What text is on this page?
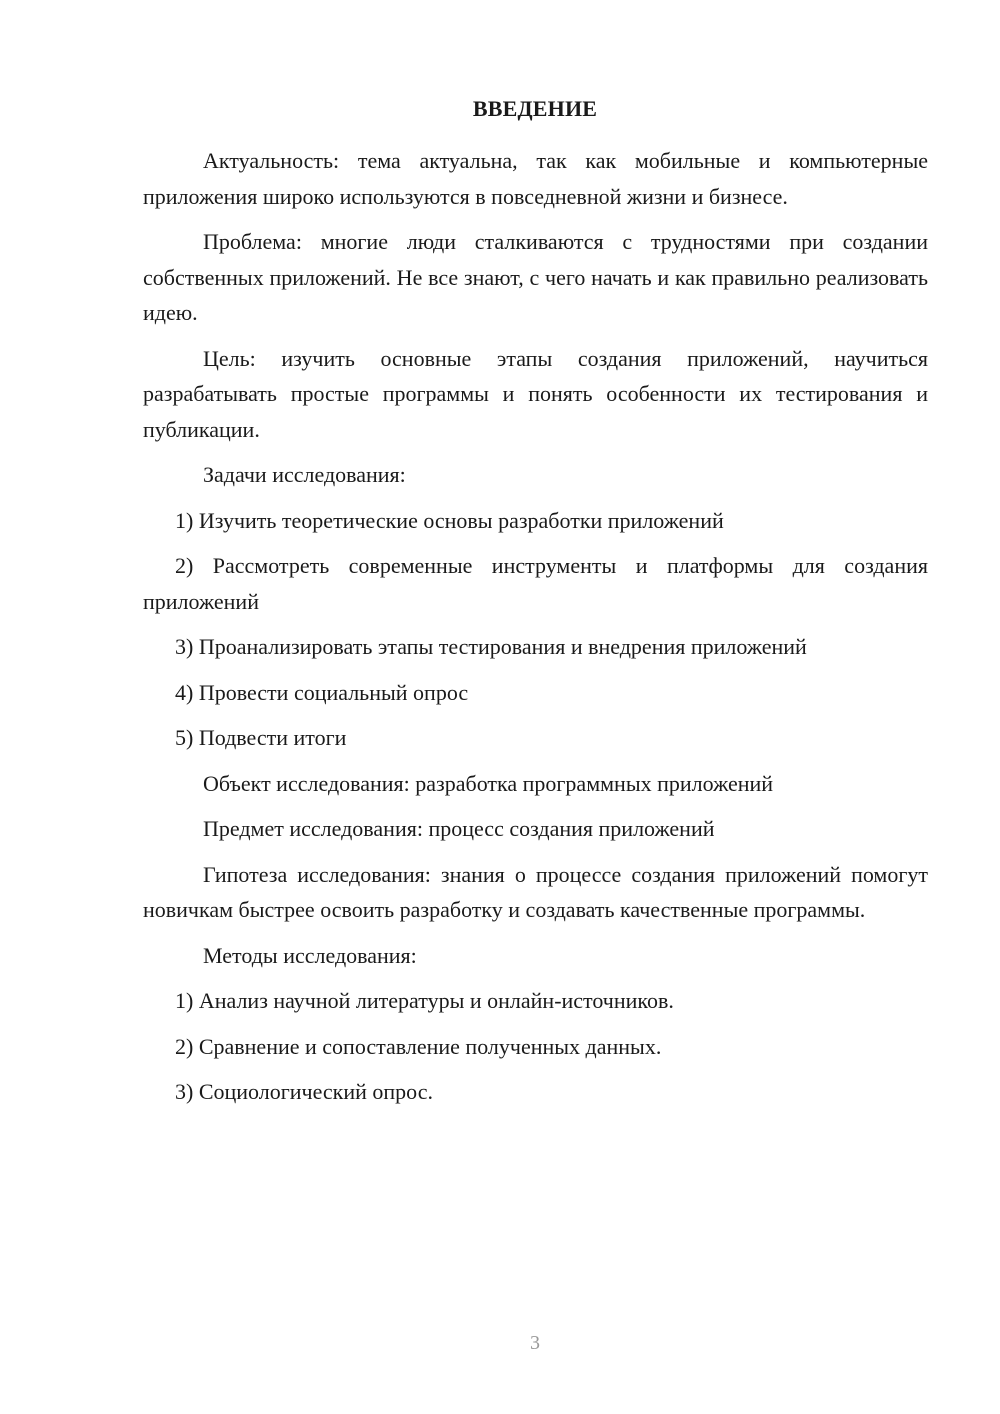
ВВЕДЕНИЕ

Актуальность: тема актуальна, так как мобильные и компьютерные приложения широко используются в повседневной жизни и бизнесе.

Проблема: многие люди сталкиваются с трудностями при создании собственных приложений. Не все знают, с чего начать и как правильно реализовать идею.

Цель: изучить основные этапы создания приложений, научиться разрабатывать простые программы и понять особенности их тестирования и публикации.

Задачи исследования:

1) Изучить теоретические основы разработки приложений

2) Рассмотреть современные инструменты и платформы для создания приложений

3) Проанализировать этапы тестирования и внедрения приложений

4) Провести социальный опрос

5) Подвести итоги

Объект исследования: разработка программных приложений

Предмет исследования: процесс создания приложений

Гипотеза исследования: знания о процессе создания приложений помогут новичкам быстрее освоить разработку и создавать качественные программы.

Методы исследования:

1) Анализ научной литературы и онлайн-источников.

2) Сравнение и сопоставление полученных данных.

3) Социологический опрос.

3
